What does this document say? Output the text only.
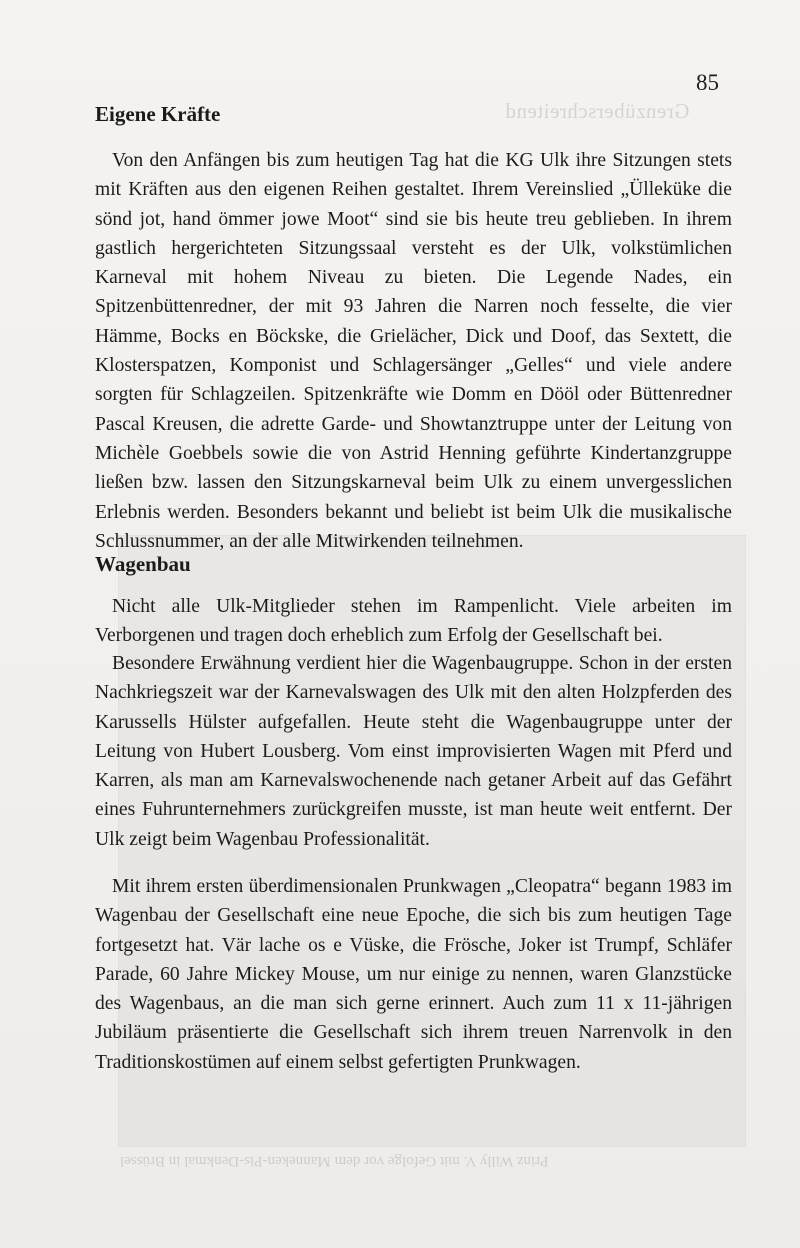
Grenzüberschreitend
Prinz Willy V. mit Gefolge vor dem Manneken-Pis-Denkmal in Brüssel
85
Eigene Kräfte

Von den Anfängen bis zum heutigen Tag hat die KG Ulk ihre Sitzungen stets mit Kräften aus den eigenen Reihen gestaltet. Ihrem Vereinslied „Ülleküke die sönd jot, hand ömmer jowe Moot“ sind sie bis heute treu geblieben. In ihrem gastlich hergerichteten Sitzungssaal versteht es der Ulk, volkstümlichen Karneval mit hohem Niveau zu bieten. Die Legende Nades, ein Spitzenbüttenredner, der mit 93 Jahren die Narren noch fesselte, die vier Hämme, Bocks en Böckske, die Grielächer, Dick und Doof, das Sextett, die Klosterspatzen, Komponist und Schlagersänger „Gelles“ und viele andere sorgten für Schlagzeilen. Spitzenkräfte wie Domm en Dööl oder Büttenredner Pascal Kreusen, die adrette Garde- und Showtanztruppe unter der Leitung von Michèle Goebbels sowie die von Astrid Henning geführte Kindertanzgruppe ließen bzw. lassen den Sitzungskarneval beim Ulk zu einem unvergesslichen Erlebnis werden. Besonders bekannt und beliebt ist beim Ulk die musikalische Schlussnummer, an der alle Mitwirkenden teilnehmen.

Wagenbau

Nicht alle Ulk-Mitglieder stehen im Rampenlicht. Viele arbeiten im Verborgenen und tragen doch erheblich zum Erfolg der Gesellschaft bei.

Besondere Erwähnung verdient hier die Wagenbaugruppe. Schon in der ersten Nachkriegszeit war der Karnevalswagen des Ulk mit den alten Holzpferden des Karussells Hülster aufgefallen. Heute steht die Wagenbaugruppe unter der Leitung von Hubert Lousberg. Vom einst improvisierten Wagen mit Pferd und Karren, als man am Karnevalswochenende nach getaner Arbeit auf das Gefährt eines Fuhrunternehmers zurückgreifen musste, ist man heute weit entfernt. Der Ulk zeigt beim Wagenbau Professionalität.

Mit ihrem ersten überdimensionalen Prunkwagen „Cleopatra“ begann 1983 im Wagenbau der Gesellschaft eine neue Epoche, die sich bis zum heutigen Tage fortgesetzt hat. Vär lache os e Vüske, die Frösche, Joker ist Trumpf, Schläfer Parade, 60 Jahre Mickey Mouse, um nur einige zu nennen, waren Glanzstücke des Wagenbaus, an die man sich gerne erinnert. Auch zum 11 x 11-jährigen Jubiläum präsentierte die Gesellschaft sich ihrem treuen Narrenvolk in den Traditionskostümen auf einem selbst gefertigten Prunkwagen.
